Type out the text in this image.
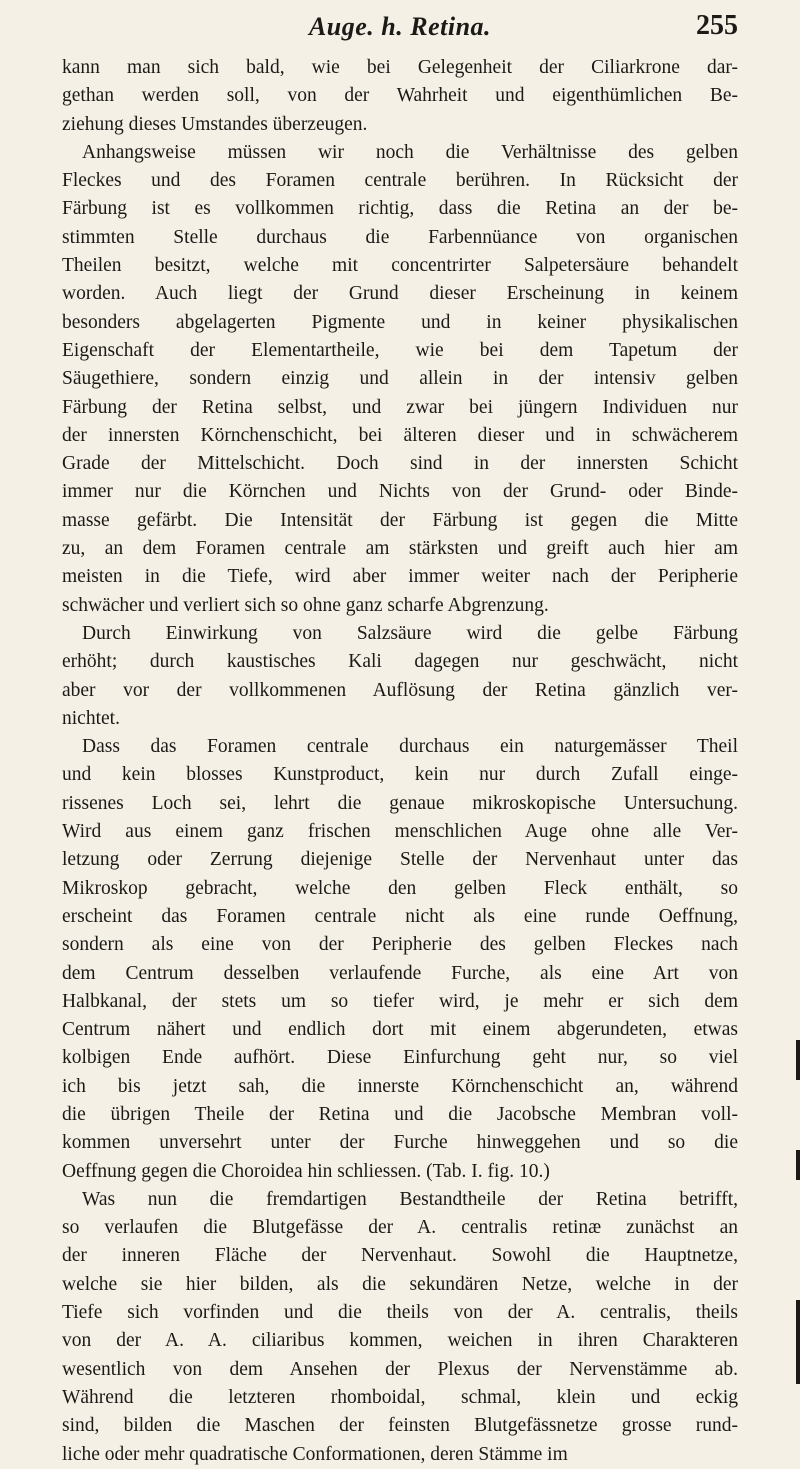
Auge. h. Retina.	255

kann man sich bald, wie bei Gelegenheit der Ciliarkrone dar-

gethan werden soll, von der Wahrheit und eigenthümlichen Be-

ziehung dieses Umstandes überzeugen.

Anhangsweise müssen wir noch die Verhältnisse des gelben

Fleckes und des Foramen centrale berühren. In Rücksicht der

Färbung ist es vollkommen richtig, dass die Retina an der be-

stimmten Stelle durchaus die Farbennüance von organischen

Theilen besitzt, welche mit concentrirter Salpetersäure behandelt

worden. Auch liegt der Grund dieser Erscheinung in keinem

besonders abgelagerten Pigmente und in keiner physikalischen

Eigenschaft der Elementartheile, wie bei dem Tapetum der

Säugethiere, sondern einzig und allein in der intensiv gelben

Färbung der Retina selbst, und zwar bei jüngern Individuen nur

der innersten Körnchenschicht, bei älteren dieser und in schwächerem

Grade der Mittelschicht. Doch sind in der innersten Schicht

immer nur die Körnchen und Nichts von der Grund- oder Binde-

masse gefärbt. Die Intensität der Färbung ist gegen die Mitte

zu, an dem Foramen centrale am stärksten und greift auch hier am

meisten in die Tiefe, wird aber immer weiter nach der Peripherie

schwächer und verliert sich so ohne ganz scharfe Abgrenzung.

Durch Einwirkung von Salzsäure wird die gelbe Färbung

erhöht; durch kaustisches Kali dagegen nur geschwächt, nicht

aber vor der vollkommenen Auflösung der Retina gänzlich ver-

nichtet.

Dass das Foramen centrale durchaus ein naturgemässer Theil

und kein blosses Kunstproduct, kein nur durch Zufall einge-

rissenes Loch sei, lehrt die genaue mikroskopische Untersuchung.

Wird aus einem ganz frischen menschlichen Auge ohne alle Ver-

letzung oder Zerrung diejenige Stelle der Nervenhaut unter das

Mikroskop gebracht, welche den gelben Fleck enthält, so

erscheint das Foramen centrale nicht als eine runde Oeffnung,

sondern als eine von der Peripherie des gelben Fleckes nach

dem Centrum desselben verlaufende Furche, als eine Art von

Halbkanal, der stets um so tiefer wird, je mehr er sich dem

Centrum nähert und endlich dort mit einem abgerundeten, etwas

kolbigen Ende aufhört. Diese Einfurchung geht nur, so viel

ich bis jetzt sah, die innerste Körnchenschicht an, während

die übrigen Theile der Retina und die Jacobsche Membran voll-

kommen unversehrt unter der Furche hinweggehen und so die

Oeffnung gegen die Choroidea hin schliessen. (Tab. I. fig. 10.)

Was nun die fremdartigen Bestandtheile der Retina betrifft,

so verlaufen die Blutgefässe der A. centralis retinæ zunächst an

der inneren Fläche der Nervenhaut. Sowohl die Hauptnetze,

welche sie hier bilden, als die sekundären Netze, welche in der

Tiefe sich vorfinden und die theils von der A. centralis, theils

von der A. A. ciliaribus kommen, weichen in ihren Charakteren

wesentlich von dem Ansehen der Plexus der Nervenstämme ab.

Während die letzteren rhomboidal, schmal, klein und eckig

sind, bilden die Maschen der feinsten Blutgefässnetze grosse rund-

liche oder mehr quadratische Conformationen, deren Stämme im
